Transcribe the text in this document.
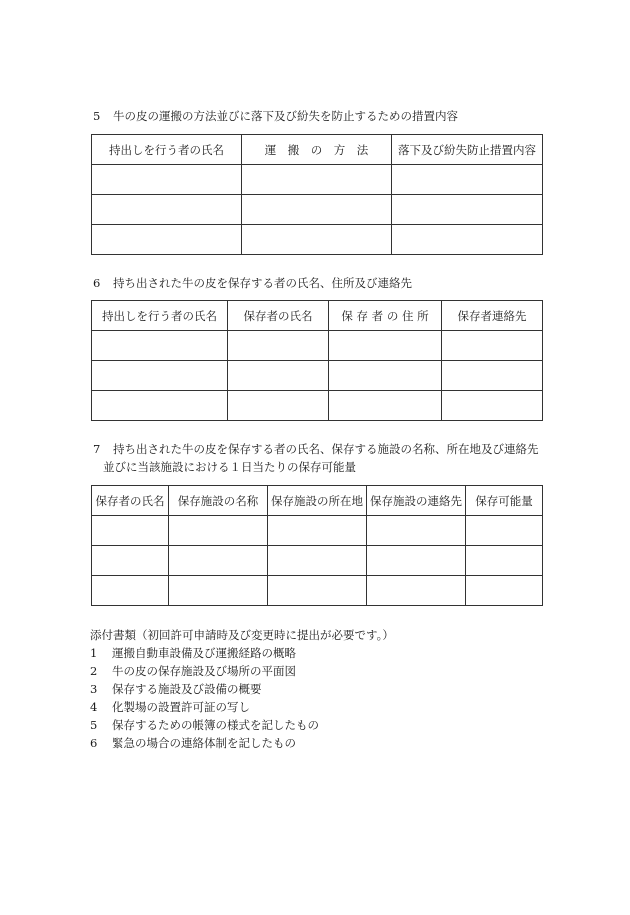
5 牛の皮の運搬の方法並びに落下及び紛失を防止するための措置内容
持出しを行う者の氏名	運　搬　の　方　法	落下及び紛失防止措置内容

6 持ち出された牛の皮を保存する者の氏名、住所及び連絡先
持出しを行う者の氏名	保存者の氏名	保 存 者 の 住 所	保存者連絡先

7 持ち出された牛の皮を保存する者の氏名、保存する施設の名称、所在地及び連絡先
並びに当該施設における１日当たりの保存可能量
保存者の氏名	保存施設の名称	保存施設の所在地	保存施設の連絡先	保存可能量

添付書類（初回許可申請時及び変更時に提出が必要です。）
1 運搬自動車設備及び運搬経路の概略
2 牛の皮の保存施設及び場所の平面図
3 保存する施設及び設備の概要
4 化製場の設置許可証の写し
5 保存するための帳簿の様式を記したもの
6 緊急の場合の連絡体制を記したもの
